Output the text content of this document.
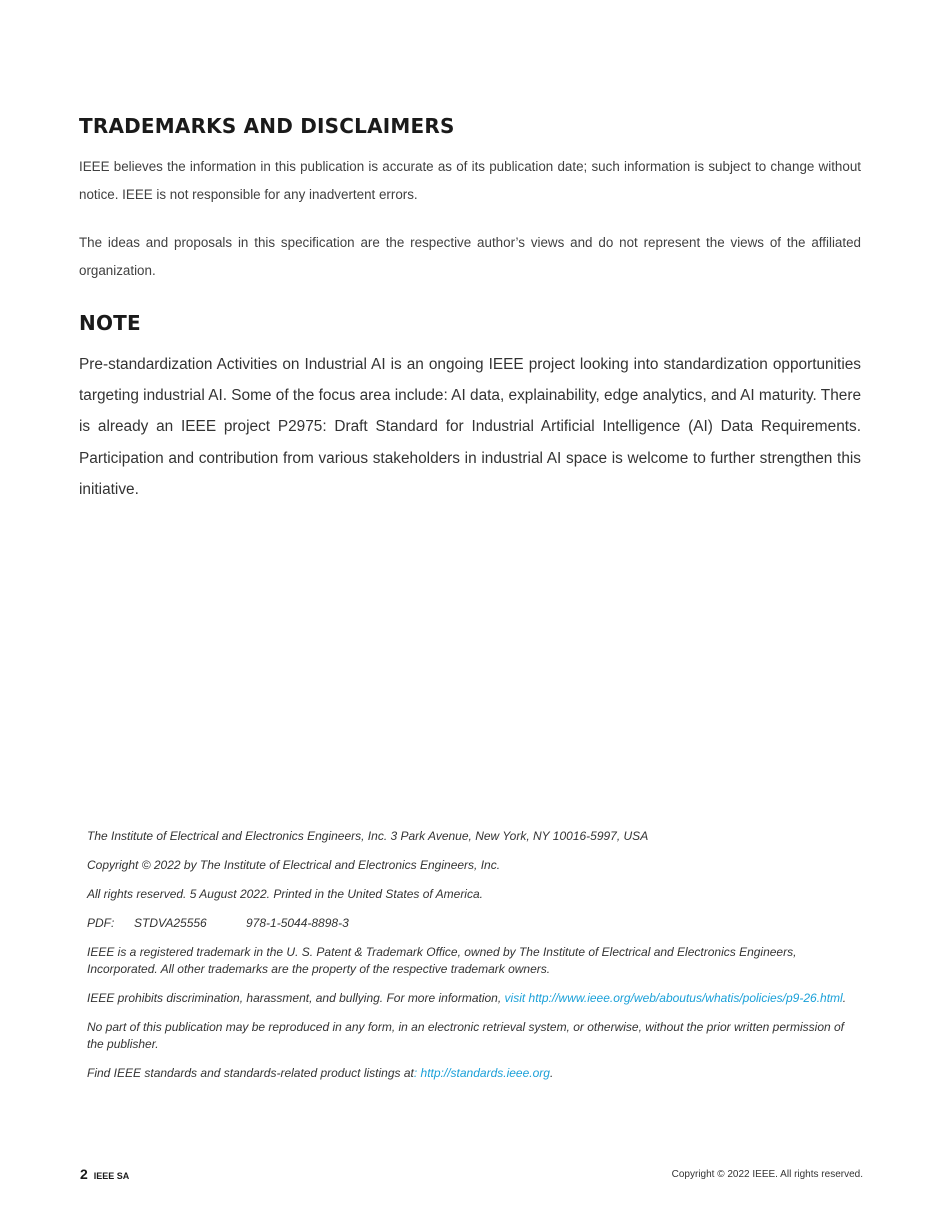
TRADEMARKS AND DISCLAIMERS

IEEE believes the information in this publication is accurate as of its publication date; such information is subject to change without notice. IEEE is not responsible for any inadvertent errors.

The ideas and proposals in this specification are the respective author’s views and do not represent the views of the affiliated organization.

NOTE

Pre-standardization Activities on Industrial AI is an ongoing IEEE project looking into standardization opportunities targeting industrial AI. Some of the focus area include: AI data, explainability, edge analytics, and AI maturity. There is already an IEEE project P2975: Draft Standard for Industrial Artificial Intelligence (AI) Data Requirements. Participation and contribution from various stakeholders in industrial AI space is welcome to further strengthen this initiative.

The Institute of Electrical and Electronics Engineers, Inc. 3 Park Avenue, New York, NY 10016-5997, USA

Copyright © 2022 by The Institute of Electrical and Electronics Engineers, Inc.

All rights reserved. 5 August 2022. Printed in the United States of America.

PDF: STDVA25556	978-1-5044-8898-3

IEEE is a registered trademark in the U. S. Patent & Trademark Office, owned by The Institute of Electrical and Electronics Engineers, Incorporated. All other trademarks are the property of the respective trademark owners.

IEEE prohibits discrimination, harassment, and bullying. For more information, visit http://www.ieee.org/web/aboutus/whatis/policies/p9-26.html.

No part of this publication may be reproduced in any form, in an electronic retrieval system, or otherwise, without the prior written permission of the publisher.

Find IEEE standards and standards-related product listings at: http://standards.ieee.org.

2 IEEE SA	Copyright © 2022 IEEE. All rights reserved.
